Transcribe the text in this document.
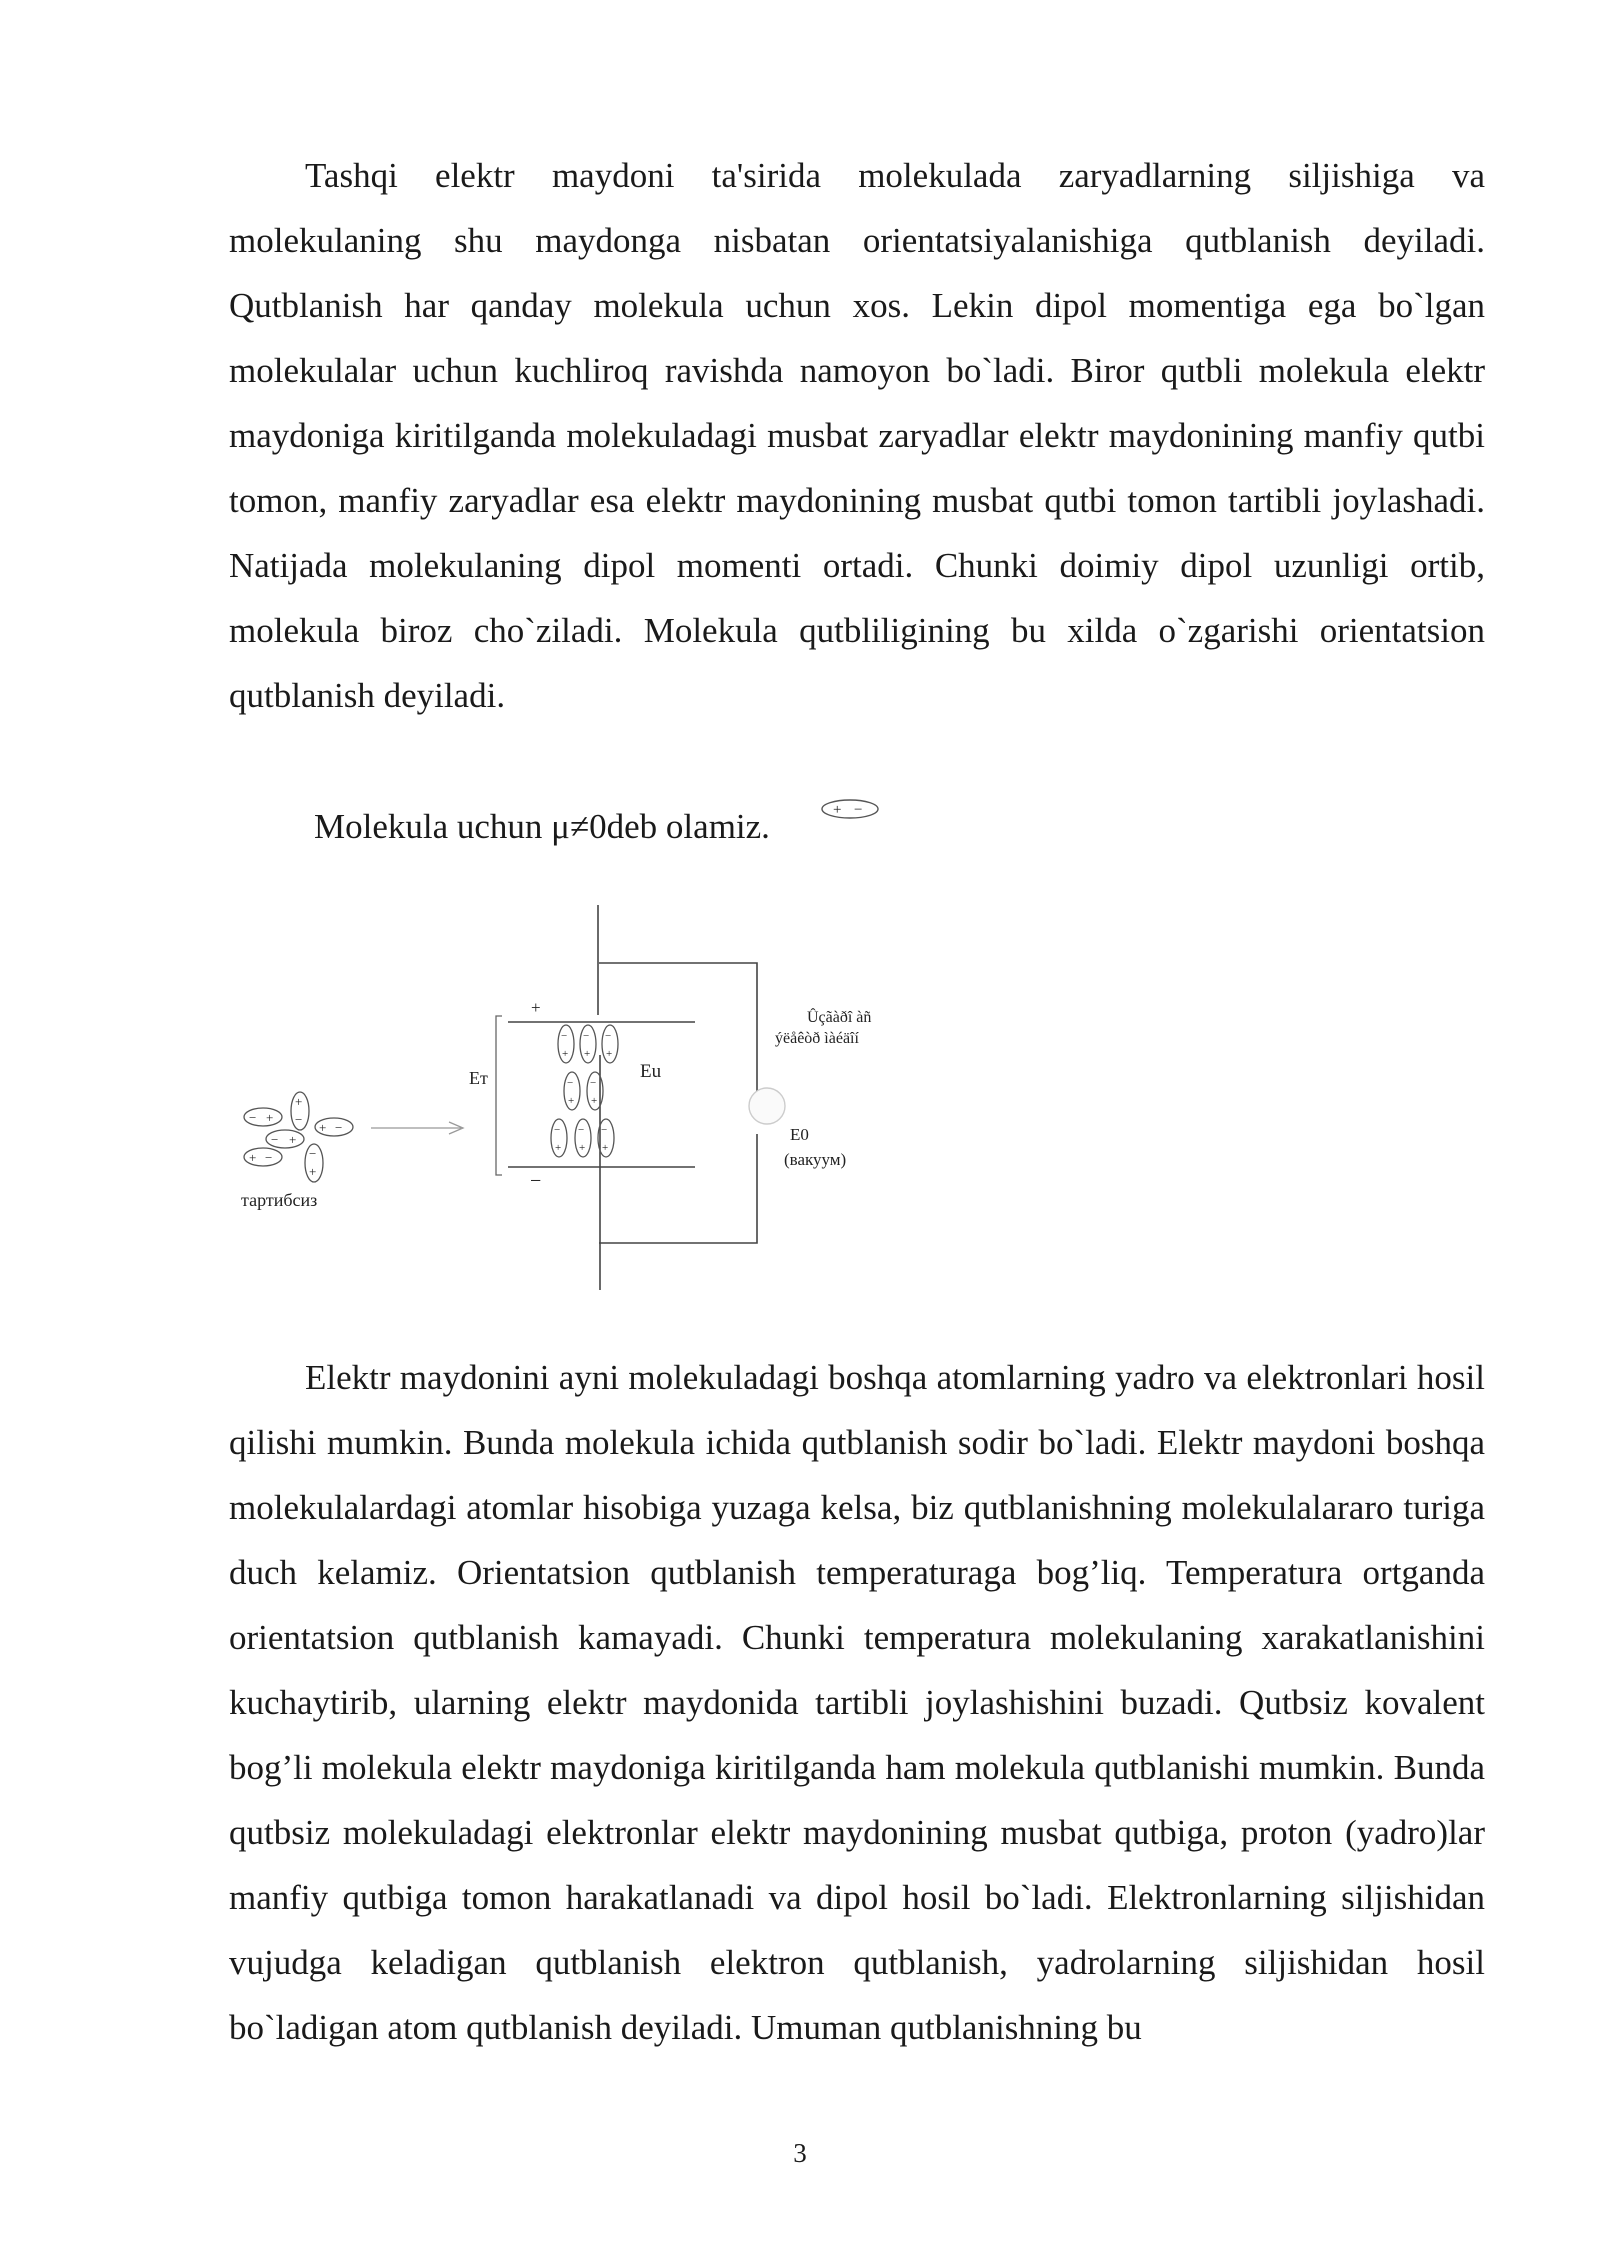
Tashqi elektr maydoni ta'sirida molekulada zaryadlarning siljishiga va molekulaning shu maydonga nisbatan orientatsiyalanishiga qutblanish deyiladi. Qutblanish har qanday molekula uchun xos. Lekin dipol momentiga ega bo`lgan molekulalar uchun kuchliroq ravishda namoyon bo`ladi. Biror qutbli molekula elektr maydoniga kiritilganda molekuladagi musbat zaryadlar elektr maydonining manfiy qutbi tomon, manfiy zaryadlar esa elektr maydonining musbat qutbi tomon tartibli joylashadi. Natijada molekulaning dipol momenti ortadi. Chunki doimiy dipol uzunligi ortib, molekula biroz cho`ziladi. Molekula qutbliligining bu xilda o`zgarishi orientatsion qutblanish deyiladi.

Molekula uchun μ≠0deb olamiz.	+ −
+
−
Ет	Еu
−
+
−
+
−
+
−
+
−
+
−
+
−
+
−
+
− +
+
−
+ −
− +
+ −	−
+
тартибсиз
Ûçãàðî àñ
ýëåêòð ìàéäîí
Е0
(вакуум)

Elektr maydonini ayni molekuladagi boshqa atomlarning yadro va elektronlari hosil qilishi mumkin. Bunda molekula ichida qutblanish sodir bo`ladi. Elektr maydoni boshqa molekulalardagi atomlar hisobiga yuzaga kelsa, biz qutblanishning molekulalararo turiga duch kelamiz. Orientatsion qutblanish temperaturaga bog’liq. Temperatura ortganda orientatsion qutblanish kamayadi. Chunki temperatura molekulaning xarakatlanishini kuchaytirib, ularning elektr maydonida tartibli joylashishini buzadi. Qutbsiz kovalent bog’li molekula elektr maydoniga kiritilganda ham molekula qutblanishi mumkin. Bunda qutbsiz molekuladagi elektronlar elektr maydonining musbat qutbiga, proton (yadro)lar manfiy qutbiga tomon harakatlanadi va dipol hosil bo`ladi. Elektronlarning siljishidan vujudga keladigan qutblanish elektron qutblanish, yadrolarning siljishidan hosil bo`ladigan atom qutblanish deyiladi. Umuman qutblanishning bu

3
